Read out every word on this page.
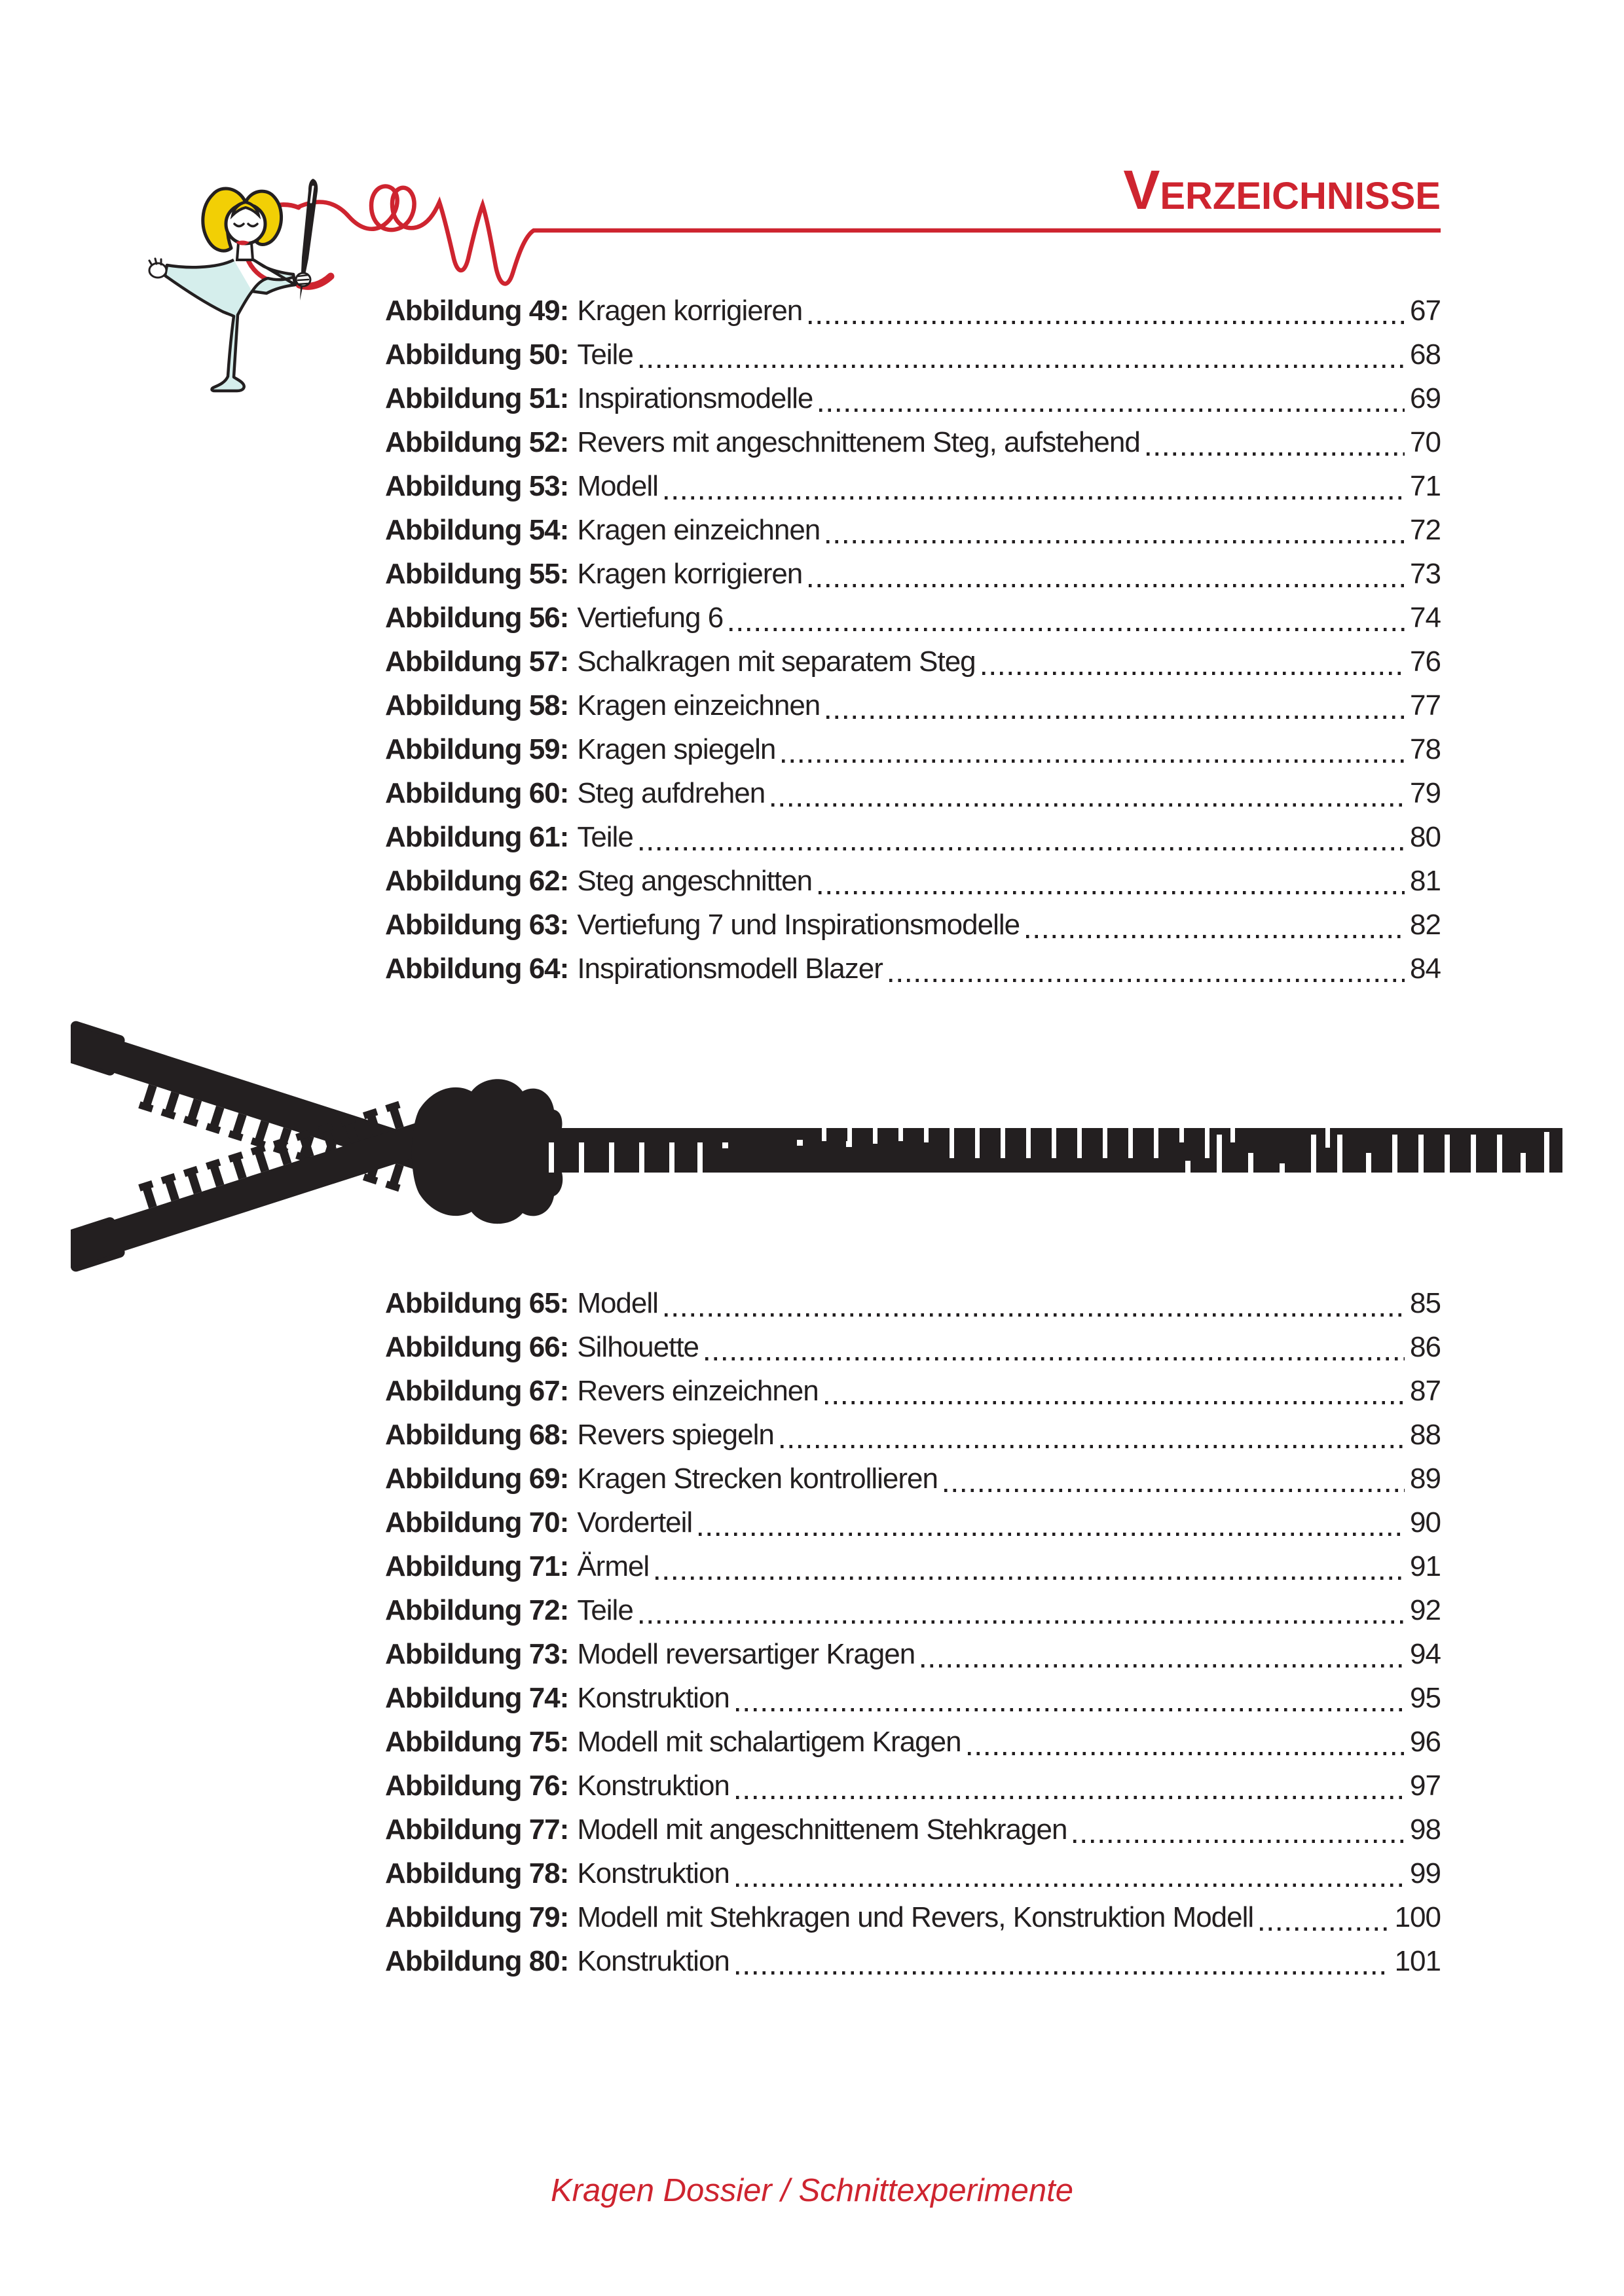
VERZEICHNISSE
Abbildung 49: Kragen korrigieren	67
Abbildung 50: Teile	68
Abbildung 51: Inspirationsmodelle	69
Abbildung 52: Revers mit angeschnittenem Steg, aufstehend	70
Abbildung 53: Modell	71
Abbildung 54: Kragen einzeichnen	72
Abbildung 55: Kragen korrigieren	73
Abbildung 56: Vertiefung 6	74
Abbildung 57: Schalkragen mit separatem Steg	76
Abbildung 58: Kragen einzeichnen	77
Abbildung 59: Kragen spiegeln	78
Abbildung 60: Steg aufdrehen	79
Abbildung 61: Teile	80
Abbildung 62: Steg angeschnitten	81
Abbildung 63: Vertiefung 7 und Inspirationsmodelle	82
Abbildung 64: Inspirationsmodell Blazer	84
Abbildung 65: Modell	85
Abbildung 66: Silhouette	86
Abbildung 67: Revers einzeichnen	87
Abbildung 68: Revers spiegeln	88
Abbildung 69: Kragen Strecken kontrollieren	89
Abbildung 70: Vorderteil	90
Abbildung 71: Ärmel	91
Abbildung 72: Teile	92
Abbildung 73: Modell reversartiger Kragen	94
Abbildung 74: Konstruktion	95
Abbildung 75: Modell mit schalartigem Kragen	96
Abbildung 76: Konstruktion	97
Abbildung 77: Modell mit angeschnittenem Stehkragen	98
Abbildung 78: Konstruktion	99
Abbildung 79: Modell mit Stehkragen und Revers, Konstruktion Modell	100
Abbildung 80: Konstruktion	101
Kragen Dossier / Schnittexperimente
